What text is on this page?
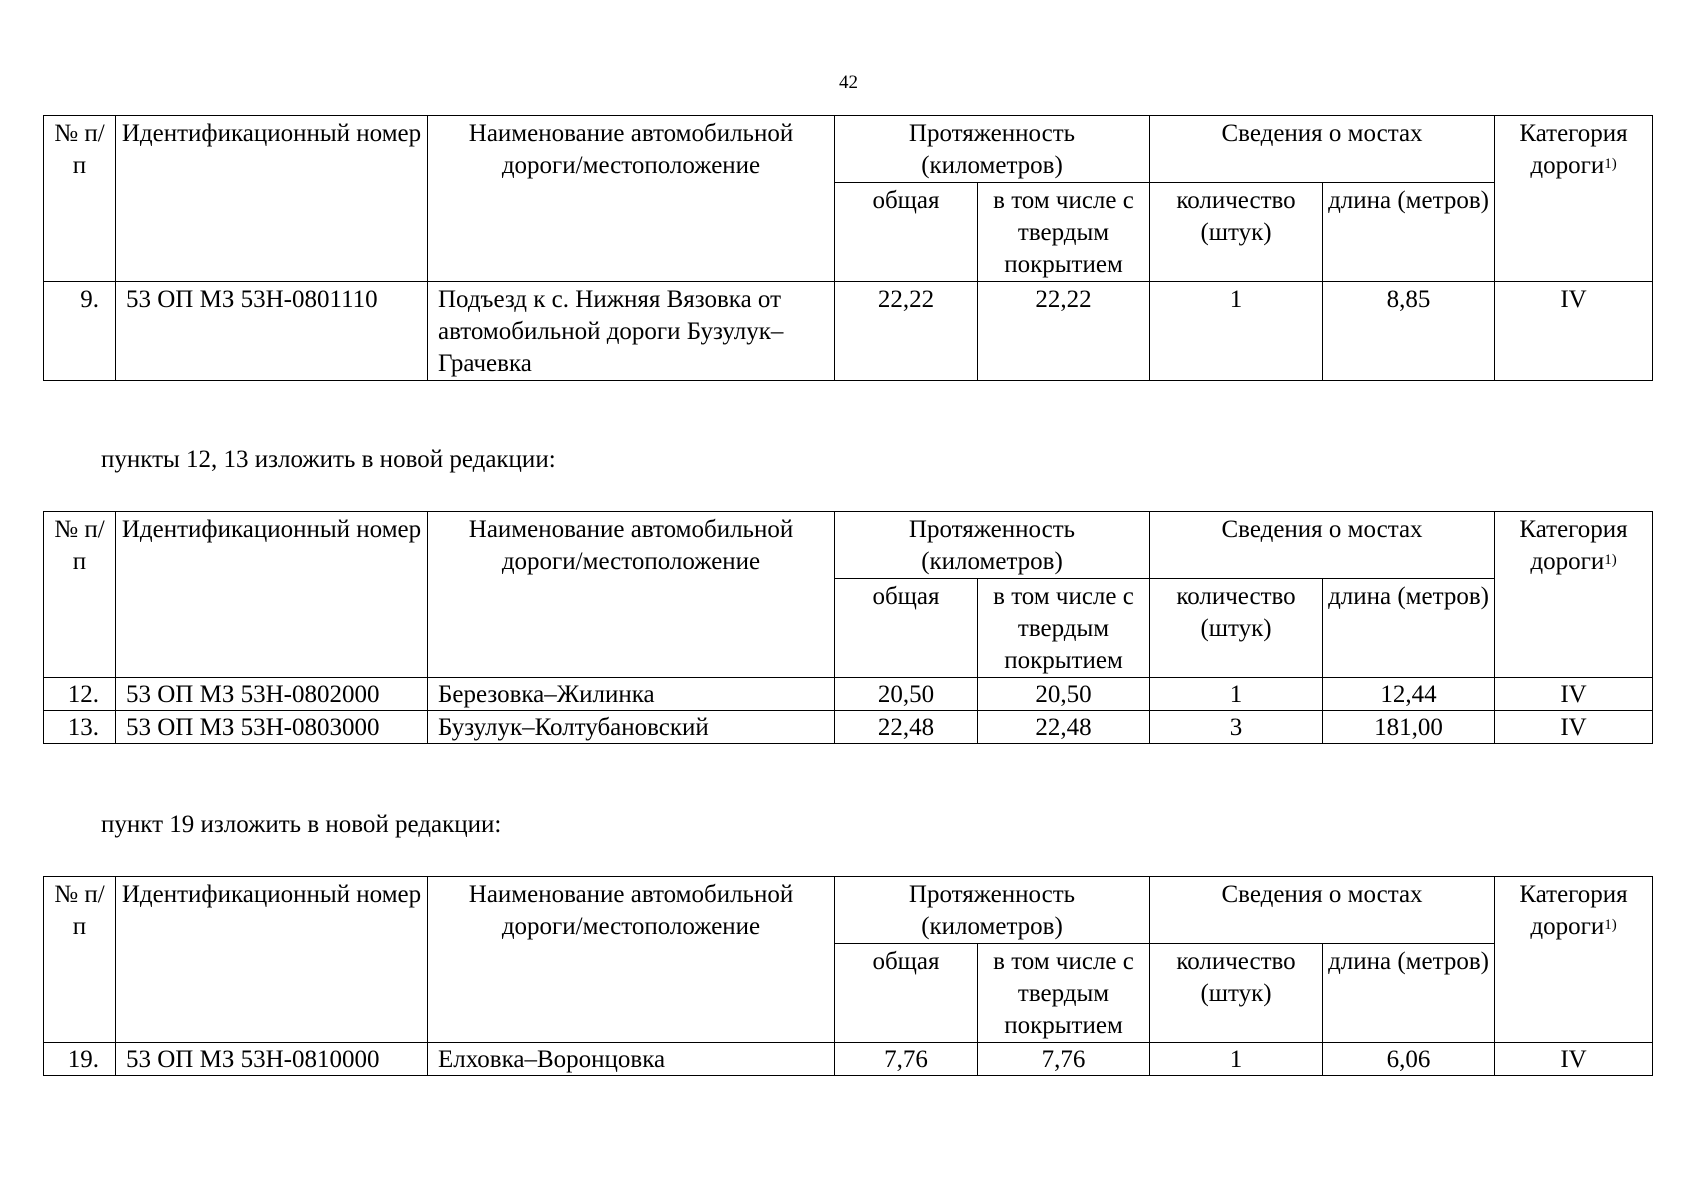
42
№ п/п	Идентификационный номер	Наименование автомобильной дороги/местоположение	Протяженность (километров)		Сведения о мостах		Категория дороги$^{1)}$
			общая	в том числе с твердым покрытием	количество (штук)	длина (метров)	
9.	53 ОП МЗ 53Н-0801110	Подъезд к с. Нижняя Вязовка от автомобильной дороги Бузулук–Грачевка	22,22	22,22	1	8,85	IV
пункты 12, 13 изложить в новой редакции:
№ п/п	Идентификационный номер	Наименование автомобильной дороги/местоположение	Протяженность (километров)		Сведения о мостах		Категория дороги$^{1)}$
			общая	в том числе с твердым покрытием	количество (штук)	длина (метров)	
12.	53 ОП МЗ 53Н-0802000	Березовка–Жилинка	20,50	20,50	1	12,44	IV
13.	53 ОП МЗ 53Н-0803000	Бузулук–Колтубановский	22,48	22,48	3	181,00	IV
пункт 19 изложить в новой редакции:
№ п/п	Идентификационный номер	Наименование автомобильной дороги/местоположение	Протяженность (километров)		Сведения о мостах		Категория дороги$^{1)}$
			общая	в том числе с твердым покрытием	количество (штук)	длина (метров)	
19.	53 ОП МЗ 53Н-0810000	Елховка–Воронцовка	7,76	7,76	1	6,06	IV
